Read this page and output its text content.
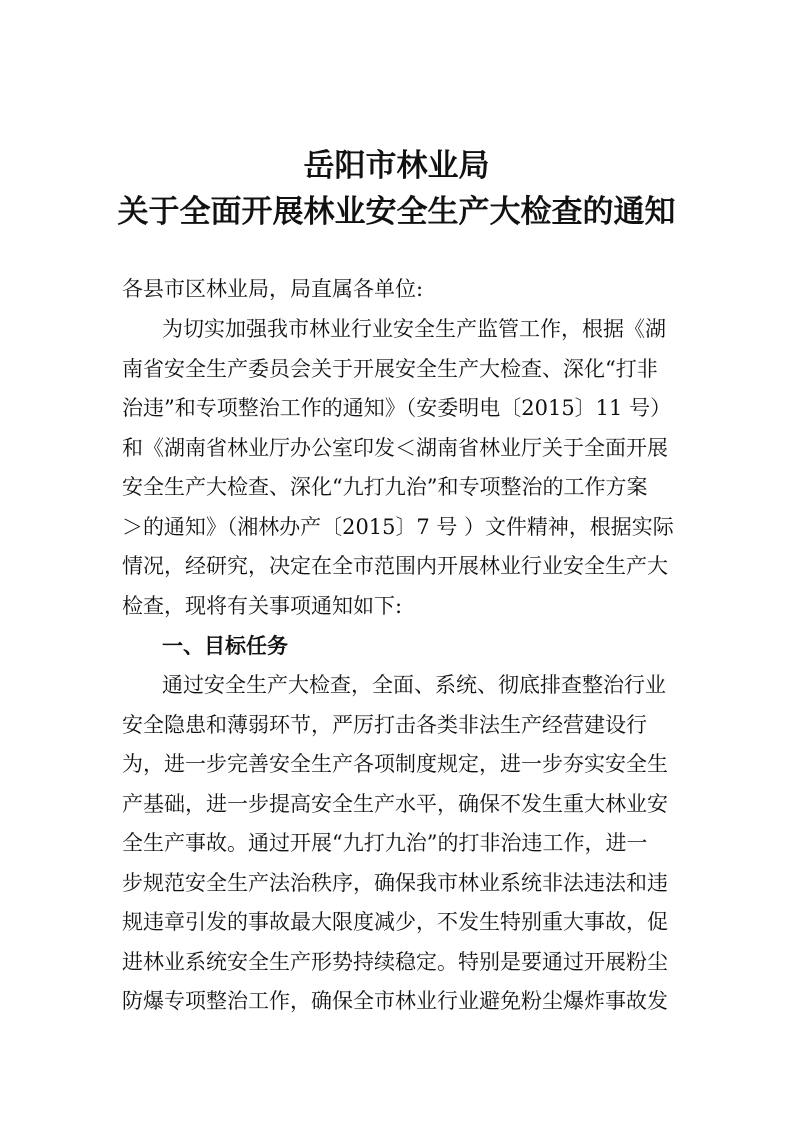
岳阳市林业局
关于全面开展林业安全生产大检查的通知
各县市区林业局，局直属各单位:
为切实加强我市林业行业安全生产监管工作，根据《湖
南省安全生产委员会关于开展安全生产大检查、深化“打非
治违”和专项整治工作的通知》（安委明电〔2015〕11 号）
和《湖南省林业厅办公室印发＜湖南省林业厅关于全面开展
安全生产大检查、深化“九打九治”和专项整治的工作方案
＞的通知》（湘林办产〔2015〕7 号 ）文件精神，根据实际
情况，经研究，决定在全市范围内开展林业行业安全生产大
检查，现将有关事项通知如下:
一、目标任务
通过安全生产大检查，全面、系统、彻底排查整治行业
安全隐患和薄弱环节，严厉打击各类非法生产经营建设行
为，进一步完善安全生产各项制度规定，进一步夯实安全生
产基础，进一步提高安全生产水平，确保不发生重大林业安
全生产事故。通过开展“九打九治”的打非治违工作，进一
步规范安全生产法治秩序，确保我市林业系统非法违法和违
规违章引发的事故最大限度减少，不发生特别重大事故，促
进林业系统安全生产形势持续稳定。特别是要通过开展粉尘
防爆专项整治工作，确保全市林业行业避免粉尘爆炸事故发
